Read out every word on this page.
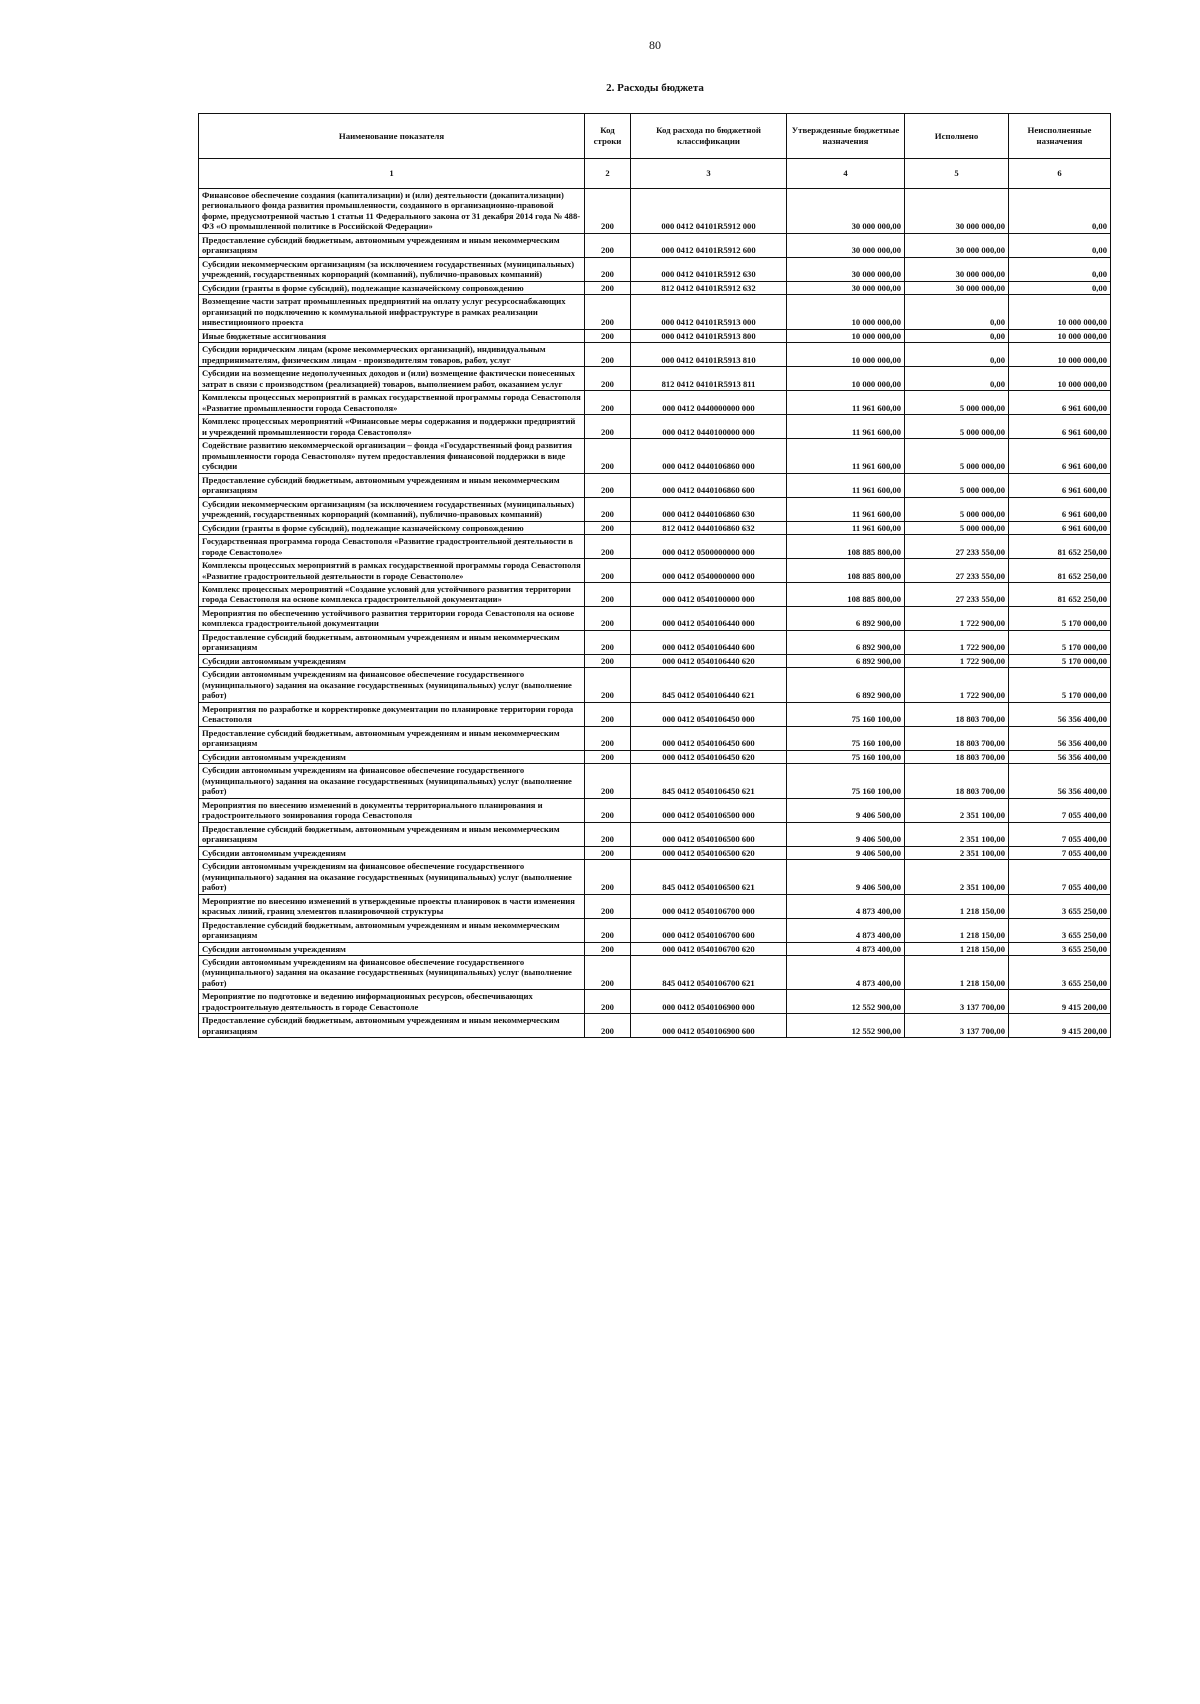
80
2. Расходы бюджета
Наименование показателя	Код строки	Код расхода по бюджетной классификации	Утвержденные бюджетные назначения	Исполнено	Неисполненные назначения
1	2	3	4	5	6
Финансовое обеспечение создания (капитализации) и (или) деятельности (докапитализации) регионального фонда развития промышленности, созданного в организационно-правовой форме, предусмотренной частью 1 статьи 11 Федерального закона от 31 декабря 2014 года № 488-ФЗ «О промышленной политике в Российской Федерации»	200	000 0412 04101R5912 000	30 000 000,00	30 000 000,00	0,00
Предоставление субсидий бюджетным, автономным учреждениям и иным некоммерческим организациям	200	000 0412 04101R5912 600	30 000 000,00	30 000 000,00	0,00
Субсидии некоммерческим организациям (за исключением государственных (муниципальных) учреждений, государственных корпораций (компаний), публично-правовых компаний)	200	000 0412 04101R5912 630	30 000 000,00	30 000 000,00	0,00
Субсидии (гранты в форме субсидий), подлежащие казначейскому сопровождению	200	812 0412 04101R5912 632	30 000 000,00	30 000 000,00	0,00
Возмещение части затрат промышленных предприятий на оплату услуг ресурсоснабжающих организаций по подключению к коммунальной инфраструктуре в рамках реализации инвестиционного проекта	200	000 0412 04101R5913 000	10 000 000,00	0,00	10 000 000,00
Иные бюджетные ассигнования	200	000 0412 04101R5913 800	10 000 000,00	0,00	10 000 000,00
Субсидии юридическим лицам (кроме некоммерческих организаций), индивидуальным предпринимателям, физическим лицам - производителям товаров, работ, услуг	200	000 0412 04101R5913 810	10 000 000,00	0,00	10 000 000,00
Субсидии на возмещение недополученных доходов и (или) возмещение фактически понесенных затрат в связи с производством (реализацией) товаров, выполнением работ, оказанием услуг	200	812 0412 04101R5913 811	10 000 000,00	0,00	10 000 000,00
Комплексы процессных мероприятий в рамках государственной программы города Севастополя «Развитие промышленности города Севастополя»	200	000 0412 0440000000 000	11 961 600,00	5 000 000,00	6 961 600,00
Комплекс процессных мероприятий «Финансовые меры содержания и поддержки предприятий и учреждений промышленности города Севастополя»	200	000 0412 0440100000 000	11 961 600,00	5 000 000,00	6 961 600,00
Содействие развитию некоммерческой организации – фонда «Государственный фонд развития промышленности города Севастополя» путем предоставления финансовой поддержки в виде субсидии	200	000 0412 0440106860 000	11 961 600,00	5 000 000,00	6 961 600,00
Предоставление субсидий бюджетным, автономным учреждениям и иным некоммерческим организациям	200	000 0412 0440106860 600	11 961 600,00	5 000 000,00	6 961 600,00
Субсидии некоммерческим организациям (за исключением государственных (муниципальных) учреждений, государственных корпораций (компаний), публично-правовых компаний)	200	000 0412 0440106860 630	11 961 600,00	5 000 000,00	6 961 600,00
Субсидии (гранты в форме субсидий), подлежащие казначейскому сопровождению	200	812 0412 0440106860 632	11 961 600,00	5 000 000,00	6 961 600,00
Государственная программа города Севастополя «Развитие градостроительной деятельности в городе Севастополе»	200	000 0412 0500000000 000	108 885 800,00	27 233 550,00	81 652 250,00
Комплексы процессных мероприятий в рамках государственной программы города Севастополя «Развитие градостроительной деятельности в городе Севастополе»	200	000 0412 0540000000 000	108 885 800,00	27 233 550,00	81 652 250,00
Комплекс процессных мероприятий «Создание условий для устойчивого развития территории города Севастополя на основе комплекса градостроительной документации»	200	000 0412 0540100000 000	108 885 800,00	27 233 550,00	81 652 250,00
Мероприятия по обеспечению устойчивого развития территории города Севастополя на основе комплекса градостроительной документации	200	000 0412 0540106440 000	6 892 900,00	1 722 900,00	5 170 000,00
Предоставление субсидий бюджетным, автономным учреждениям и иным некоммерческим организациям	200	000 0412 0540106440 600	6 892 900,00	1 722 900,00	5 170 000,00
Субсидии автономным учреждениям	200	000 0412 0540106440 620	6 892 900,00	1 722 900,00	5 170 000,00
Субсидии автономным учреждениям на финансовое обеспечение государственного (муниципального) задания на оказание государственных (муниципальных) услуг (выполнение работ)	200	845 0412 0540106440 621	6 892 900,00	1 722 900,00	5 170 000,00
Мероприятия по разработке и корректировке документации по планировке территории города Севастополя	200	000 0412 0540106450 000	75 160 100,00	18 803 700,00	56 356 400,00
Предоставление субсидий бюджетным, автономным учреждениям и иным некоммерческим организациям	200	000 0412 0540106450 600	75 160 100,00	18 803 700,00	56 356 400,00
Субсидии автономным учреждениям	200	000 0412 0540106450 620	75 160 100,00	18 803 700,00	56 356 400,00
Субсидии автономным учреждениям на финансовое обеспечение государственного (муниципального) задания на оказание государственных (муниципальных) услуг (выполнение работ)	200	845 0412 0540106450 621	75 160 100,00	18 803 700,00	56 356 400,00
Мероприятия по внесению изменений в документы территориального планирования и градостроительного зонирования города Севастополя	200	000 0412 0540106500 000	9 406 500,00	2 351 100,00	7 055 400,00
Предоставление субсидий бюджетным, автономным учреждениям и иным некоммерческим организациям	200	000 0412 0540106500 600	9 406 500,00	2 351 100,00	7 055 400,00
Субсидии автономным учреждениям	200	000 0412 0540106500 620	9 406 500,00	2 351 100,00	7 055 400,00
Субсидии автономным учреждениям на финансовое обеспечение государственного (муниципального) задания на оказание государственных (муниципальных) услуг (выполнение работ)	200	845 0412 0540106500 621	9 406 500,00	2 351 100,00	7 055 400,00
Мероприятие по внесению изменений в утвержденные проекты планировок в части изменения красных линий, границ элементов планировочной структуры	200	000 0412 0540106700 000	4 873 400,00	1 218 150,00	3 655 250,00
Предоставление субсидий бюджетным, автономным учреждениям и иным некоммерческим организациям	200	000 0412 0540106700 600	4 873 400,00	1 218 150,00	3 655 250,00
Субсидии автономным учреждениям	200	000 0412 0540106700 620	4 873 400,00	1 218 150,00	3 655 250,00
Субсидии автономным учреждениям на финансовое обеспечение государственного (муниципального) задания на оказание государственных (муниципальных) услуг (выполнение работ)	200	845 0412 0540106700 621	4 873 400,00	1 218 150,00	3 655 250,00
Мероприятие по подготовке и ведению информационных ресурсов, обеспечивающих градостроительную деятельность в городе Севастополе	200	000 0412 0540106900 000	12 552 900,00	3 137 700,00	9 415 200,00
Предоставление субсидий бюджетным, автономным учреждениям и иным некоммерческим организациям	200	000 0412 0540106900 600	12 552 900,00	3 137 700,00	9 415 200,00
